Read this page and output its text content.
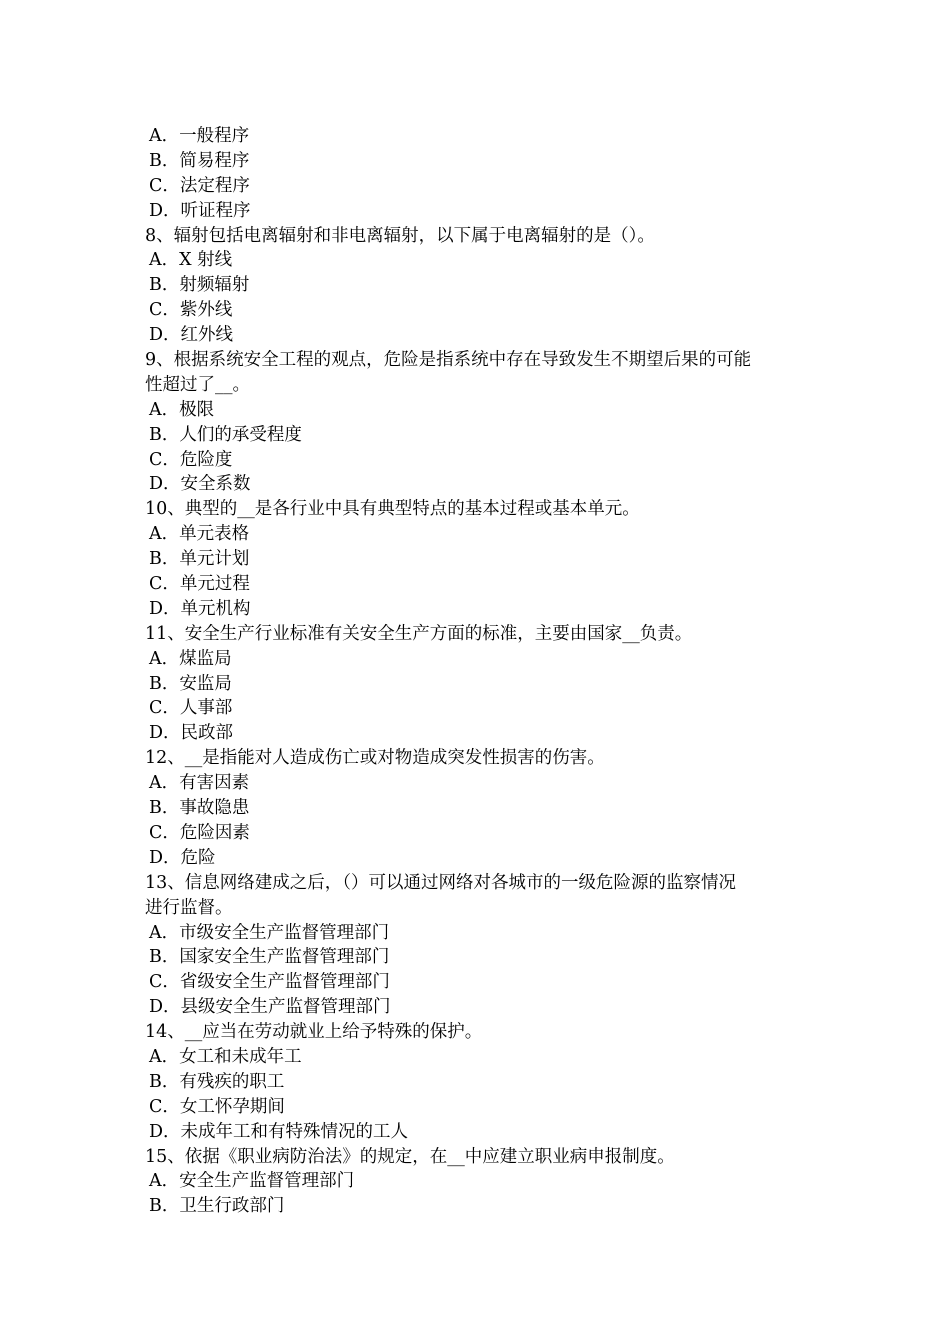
A．一般程序
B．简易程序
C．法定程序
D．听证程序
8、辐射包括电离辐射和非电离辐射，以下属于电离辐射的是（）。
A．X 射线
B．射频辐射
C．紫外线
D．红外线
9、根据系统安全工程的观点，危险是指系统中存在导致发生不期望后果的可能
性超过了__。
A．极限
B．人们的承受程度
C．危险度
D．安全系数
10、典型的__是各行业中具有典型特点的基本过程或基本单元。
A．单元表格
B．单元计划
C．单元过程
D．单元机构
11、安全生产行业标准有关安全生产方面的标准，主要由国家__负责。
A．煤监局
B．安监局
C．人事部
D．民政部
12、__是指能对人造成伤亡或对物造成突发性损害的伤害。
A．有害因素
B．事故隐患
C．危险因素
D．危险
13、信息网络建成之后，（）可以通过网络对各城市的一级危险源的监察情况
进行监督。
A．市级安全生产监督管理部门
B．国家安全生产监督管理部门
C．省级安全生产监督管理部门
D．县级安全生产监督管理部门
14、__应当在劳动就业上给予特殊的保护。
A．女工和未成年工
B．有残疾的职工
C．女工怀孕期间
D．未成年工和有特殊情况的工人
15、依据《职业病防治法》的规定，在__中应建立职业病申报制度。
A．安全生产监督管理部门
B．卫生行政部门
